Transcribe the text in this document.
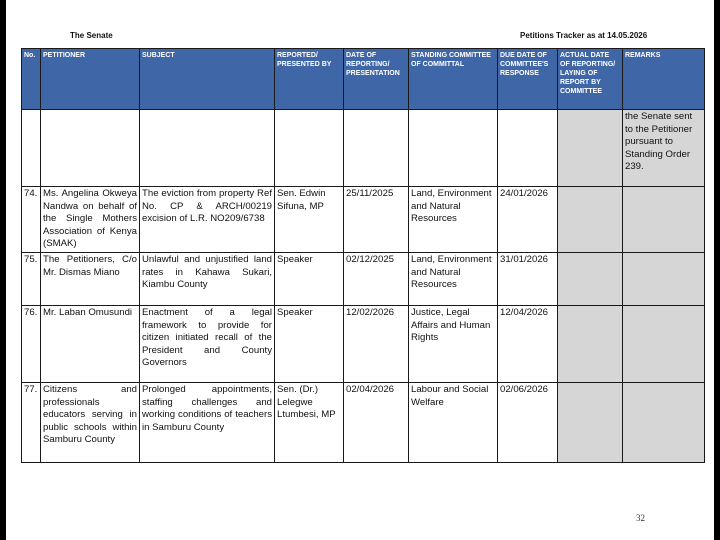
The Senate	Petitions Tracker as at 14.05.2026
No.	PETITIONER	SUBJECT	REPORTED/ PRESENTED BY	DATE OF REPORTING/ PRESENTATION	STANDING COMMITTEE OF COMMITTAL	DUE DATE OF COMMITTEE'S RESPONSE	ACTUAL DATE OF REPORTING/ LAYING OF REPORT BY COMMITTEE	REMARKS
								the Senate sent to the Petitioner pursuant to Standing Order 239.
74.	Ms. Angelina Okweya Nandwa on behalf of the Single Mothers Association of Kenya (SMAK)	The eviction from property Ref No. CP & ARCH/00219 excision of L.R. NO209/6738	Sen. Edwin Sifuna, MP	25/11/2025	Land, Environment and Natural Resources	24/01/2026		
75.	The Petitioners, C/o Mr. Dismas Miano	Unlawful and unjustified land rates in Kahawa Sukari, Kiambu County	Speaker	02/12/2025	Land, Environment and Natural Resources	31/01/2026		
76.	Mr. Laban Omusundi	Enactment of a legal framework to provide for citizen initiated recall of the President and County Governors	Speaker	12/02/2026	Justice, Legal Affairs and Human Rights	12/04/2026		
77.	Citizens and professionals educators serving in public schools within Samburu County	Prolonged appointments, staffing challenges and working conditions of teachers in Samburu County	Sen. (Dr.) Lelegwe Ltumbesi, MP	02/04/2026	Labour and Social Welfare	02/06/2026		
32
